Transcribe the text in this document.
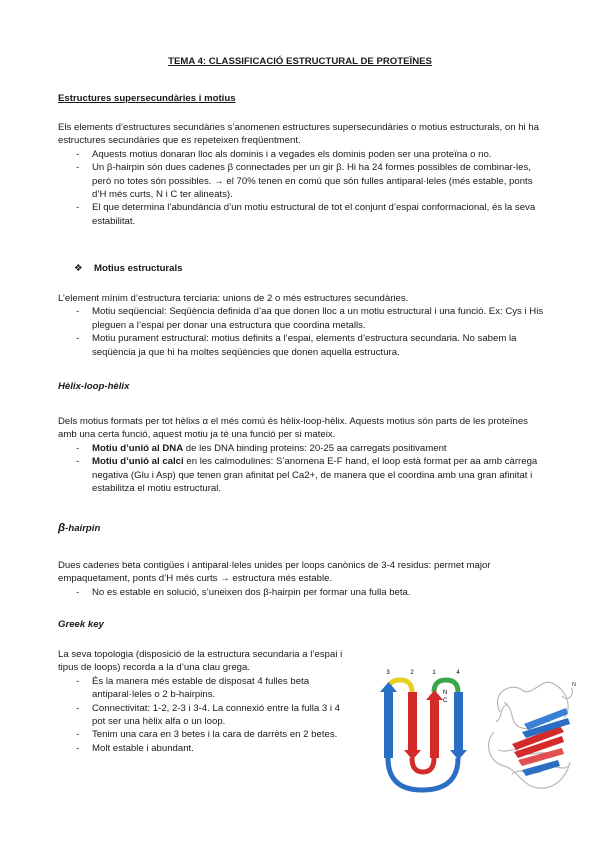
TEMA 4: CLASSIFICACIÓ ESTRUCTURAL DE PROTEÏNES

Estructures supersecundàries i motius

Els elements d’estructures secundàries s’anomenen estructures supersecundàries o motius estructurals, on hi ha estructures secundàries que es repeteixen freqüentment.

- Aquests motius donaran lloc als dominis i a vegades els dominis poden ser una proteïna o no.
- Un β-hairpin són dues cadenes β connectades per un gir β. Hi ha 24 formes possibles de combinar-les, però no totes són possibles. → el 70% tenen en comú que són fulles antiparal·leles (més estable, ponts d’H més curts, N i C ter alineats).
- El que determina l’abundància d’un motiu estructural de tot el conjunt d’espai conformacional, és la seva estabilitat.
❖ Motius estructurals

L’element mínim d’estructura terciaria: unions de 2 o més estructures secundàries.

- Motiu seqüencial: Seqüència definida d’aa que donen lloc a un motiu estructural i una funció. Ex: Cys i His pleguen a l’espai per donar una estructura que coordina metalls.
- Motiu purament estructural: motius definits a l’espai, elements d’estructura secundaria. No sabem la seqüència ja que hi ha moltes seqüències que donen aquella estructura.

Hèlix-loop-hèlix

Dels motius formats per tot hèlixs α el més comú és hèlix-loop-hèlix. Aquests motius són parts de les proteïnes amb una certa funció, aquest motiu ja té una funció per si mateix.

- Motiu d’unió al DNA de les DNA binding proteins: 20-25 aa carregats positivament
- Motiu d’unió al calci en les calmodulines: S’anomena E-F hand, el loop està format per aa amb càrrega negativa (Glu i Asp) que tenen gran afinitat pel Ca2+, de manera que el coordina amb una gran afinitat i estabilitza el motiu estructural.

β-hairpin

Dues cadenes beta contigües i antiparal·leles unides per loops canònics de 3-4 residus: permet major empaquetament, ponts d’H més curts → estructura més estable.

- No es estable en solució, s’uneixen dos β-hairpin per formar una fulla beta.

Greek key

La seva topologia (disposició de la estructura secundaria a l’espai i tipus de loops) recorda a la d’una clau grega.

- És la manera més estable de disposat 4 fulles beta antiparal·leles o 2 b-hairpins.
- Connectivitat: 1-2, 2-3 i 3-4. La connexió entre la fulla 3 i 4 pot ser una hèlix alfa o un loop.
- Tenim una cara en 3 betes i la cara de darrèts en 2 betes.
- Molt estable i abundant.
3	2	1	4
N
C
N
